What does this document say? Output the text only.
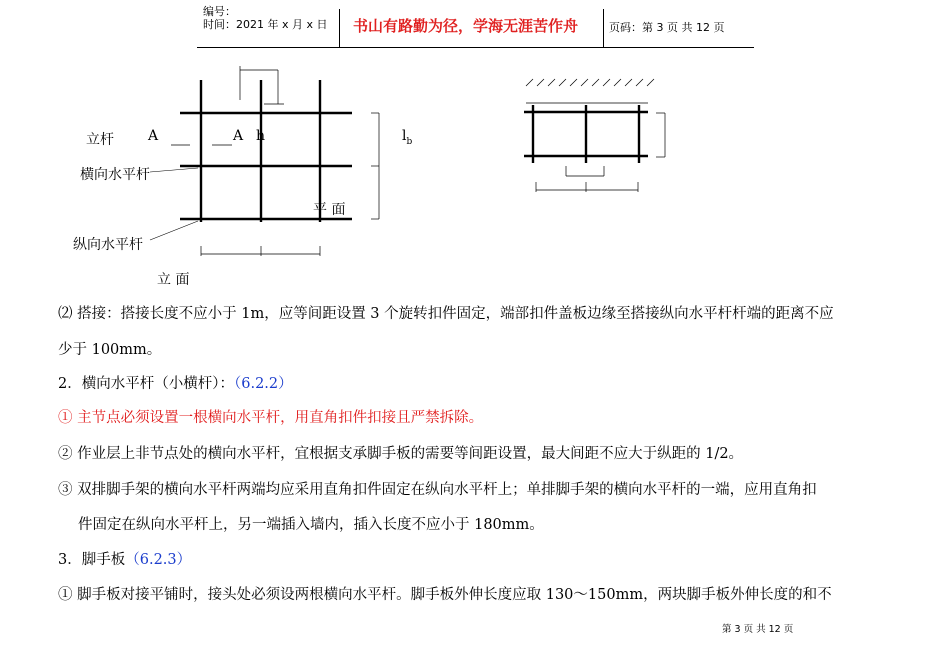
编号：
时间：2021 年 x 月 x 日 书山有路勤为径，学海无涯苦作舟	页码：第 3 页 共 12 页
立杆 A	A h	$l_b$
横向水平杆
平 面
纵向水平杆
立 面
⑵ 搭接：搭接长度不应小于 1m，应等间距设置 3 个旋转扣件固定，端部扣件盖板边缘至搭接纵向水平杆杆端的距离不应
少于 100mm。
2．横向水平杆（小横杆）：（6.2.2）
① 主节点必须设置一根横向水平杆，用直角扣件扣接且严禁拆除。
② 作业层上非节点处的横向水平杆，宜根据支承脚手板的需要等间距设置，最大间距不应大于纵距的 1/2。
③ 双排脚手架的横向水平杆两端均应采用直角扣件固定在纵向水平杆上；单排脚手架的横向水平杆的一端，应用直角扣
件固定在纵向水平杆上，另一端插入墙内，插入长度不应小于 180mm。
3．脚手板（6.2.3）
① 脚手板对接平铺时，接头处必须设两根横向水平杆。脚手板外伸长度应取 130～150mm，两块脚手板外伸长度的和不
第 3 页 共 12 页
